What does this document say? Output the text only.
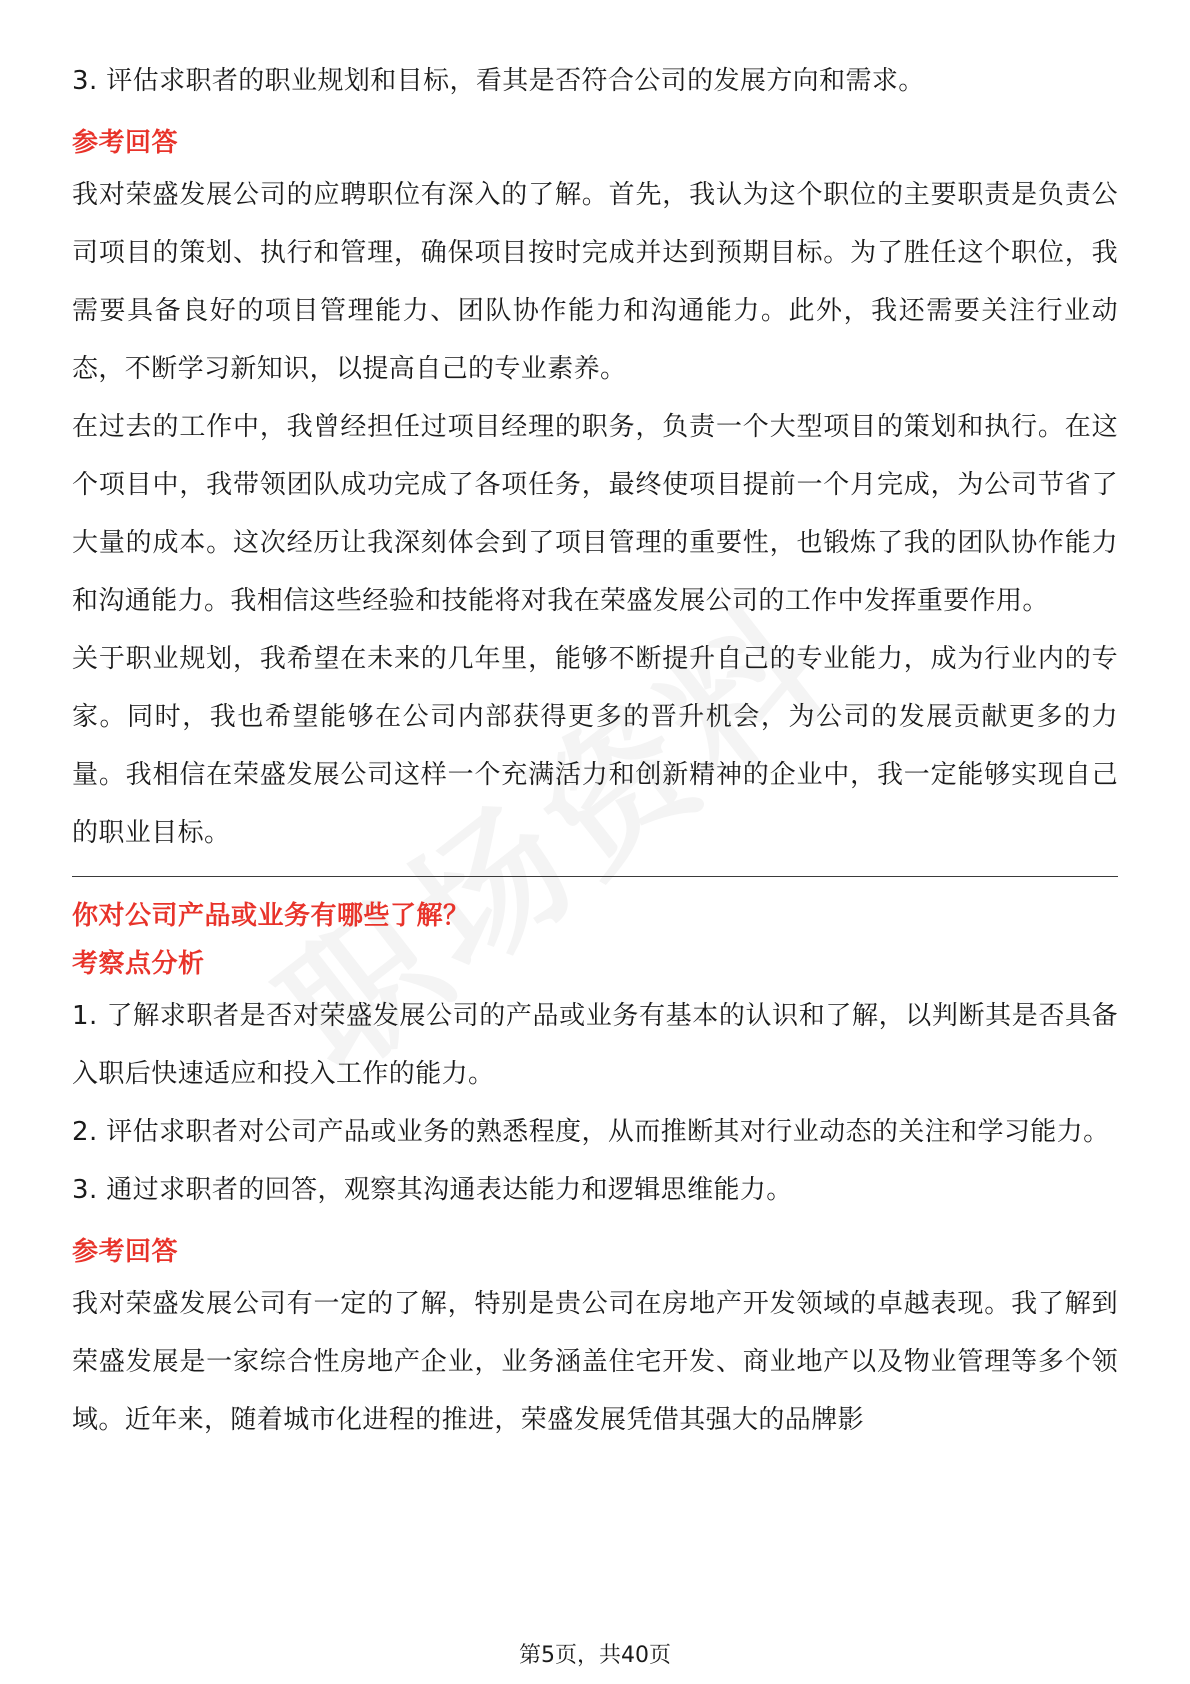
3. 评估求职者的职业规划和目标，看其是否符合公司的发展方向和需求。

参考回答

我对荣盛发展公司的应聘职位有深入的了解。首先，我认为这个职位的主要职责是负责公司项目的策划、执行和管理，确保项目按时完成并达到预期目标。为了胜任这个职位，我需要具备良好的项目管理能力、团队协作能力和沟通能力。此外，我还需要关注行业动态，不断学习新知识，以提高自己的专业素养。

在过去的工作中，我曾经担任过项目经理的职务，负责一个大型项目的策划和执行。在这个项目中，我带领团队成功完成了各项任务，最终使项目提前一个月完成，为公司节省了大量的成本。这次经历让我深刻体会到了项目管理的重要性，也锻炼了我的团队协作能力和沟通能力。我相信这些经验和技能将对我在荣盛发展公司的工作中发挥重要作用。

关于职业规划，我希望在未来的几年里，能够不断提升自己的专业能力，成为行业内的专家。同时，我也希望能够在公司内部获得更多的晋升机会，为公司的发展贡献更多的力量。我相信在荣盛发展公司这样一个充满活力和创新精神的企业中，我一定能够实现自己的职业目标。

你对公司产品或业务有哪些了解？

考察点分析

1. 了解求职者是否对荣盛发展公司的产品或业务有基本的认识和了解，以判断其是否具备入职后快速适应和投入工作的能力。

2. 评估求职者对公司产品或业务的熟悉程度，从而推断其对行业动态的关注和学习能力。

3. 通过求职者的回答，观察其沟通表达能力和逻辑思维能力。

参考回答

我对荣盛发展公司有一定的了解，特别是贵公司在房地产开发领域的卓越表现。我了解到荣盛发展是一家综合性房地产企业，业务涵盖住宅开发、商业地产以及物业管理等多个领域。近年来，随着城市化进程的推进，荣盛发展凭借其强大的品牌影

第5页，共40页
